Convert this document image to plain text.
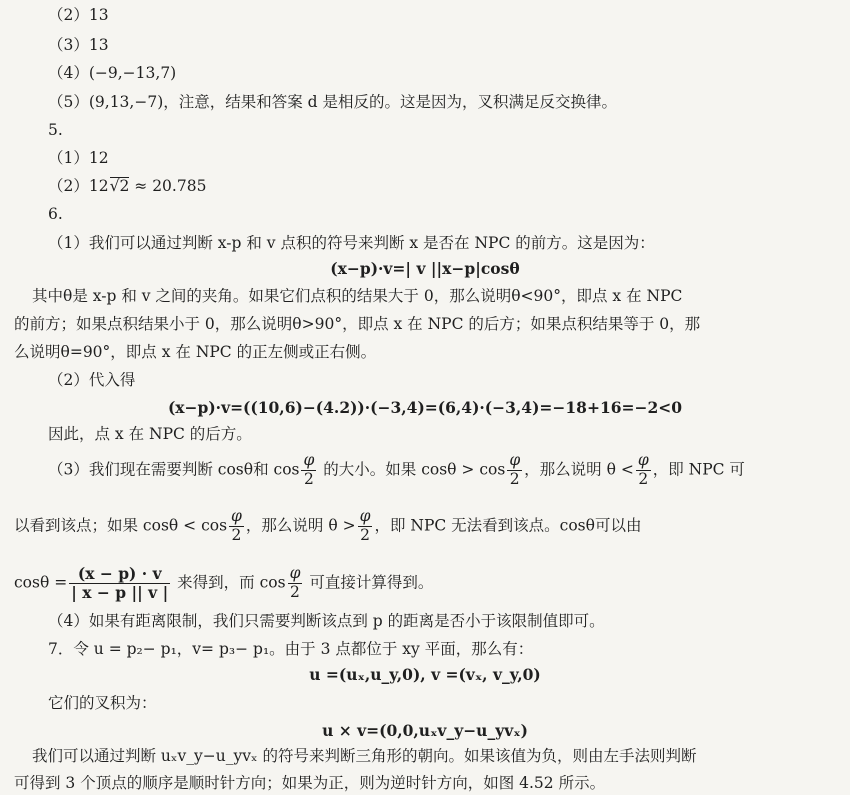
（2）13
（3）13
（4）(−9,−13,7)
（5）(9,13,−7)，注意，结果和答案 d 是相反的。这是因为，叉积满足反交换律。
5.
（1）12
（2）12√2 ≈ 20.785
6.
（1）我们可以通过判断 x-p 和 v 点积的符号来判断 x 是否在 NPC 的前方。这是因为：
(x−p)·v=| v ||x−p|cosθ
其中θ是 x-p 和 v 之间的夹角。如果它们点积的结果大于 0，那么说明θ<90°，即点 x 在 NPC
的前方；如果点积结果小于 0，那么说明θ>90°，即点 x 在 NPC 的后方；如果点积结果等于 0，那
么说明θ=90°，即点 x 在 NPC 的正左侧或正右侧。
（2）代入得
(x−p)·v=((10,6)−(4.2))·(−3,4)=(6,4)·(−3,4)=−18+16=−2<0
因此，点 x 在 NPC 的后方。
（3）我们现在需要判断 cosθ和 $\cos \frac{\varphi}{2}$ 的大小。如果 $\cos\theta > \cos \frac{\varphi}{2}$ ，那么说明 $\theta < \frac{\varphi}{2}$ ，即 NPC 可
以看到该点；如果 $\cos\theta < \cos \frac{\varphi}{2}$ ，那么说明 $\theta > \frac{\varphi}{2}$ ，即 NPC 无法看到该点。cosθ可以由
$\cos\theta = \frac{(x - p) \cdot v}{| x - p || v |}$ 来得到，而 $\cos \frac{\varphi}{2}$ 可直接计算得到。
（4）如果有距离限制，我们只需要判断该点到 p 的距离是否小于该限制值即可。
7．令 u = p₂− p₁，v= p₃− p₁。由于 3 点都位于 xy 平面，那么有：
u =(uₓ,u_y,0), v =(vₓ, v_y,0)
它们的叉积为：
u × v=(0,0,uₓv_y−u_yvₓ)
我们可以通过判断 uₓv_y−u_yvₓ 的符号来判断三角形的朝向。如果该值为负，则由左手法则判断
可得到 3 个顶点的顺序是顺时针方向；如果为正，则为逆时针方向，如图 4.52 所示。
